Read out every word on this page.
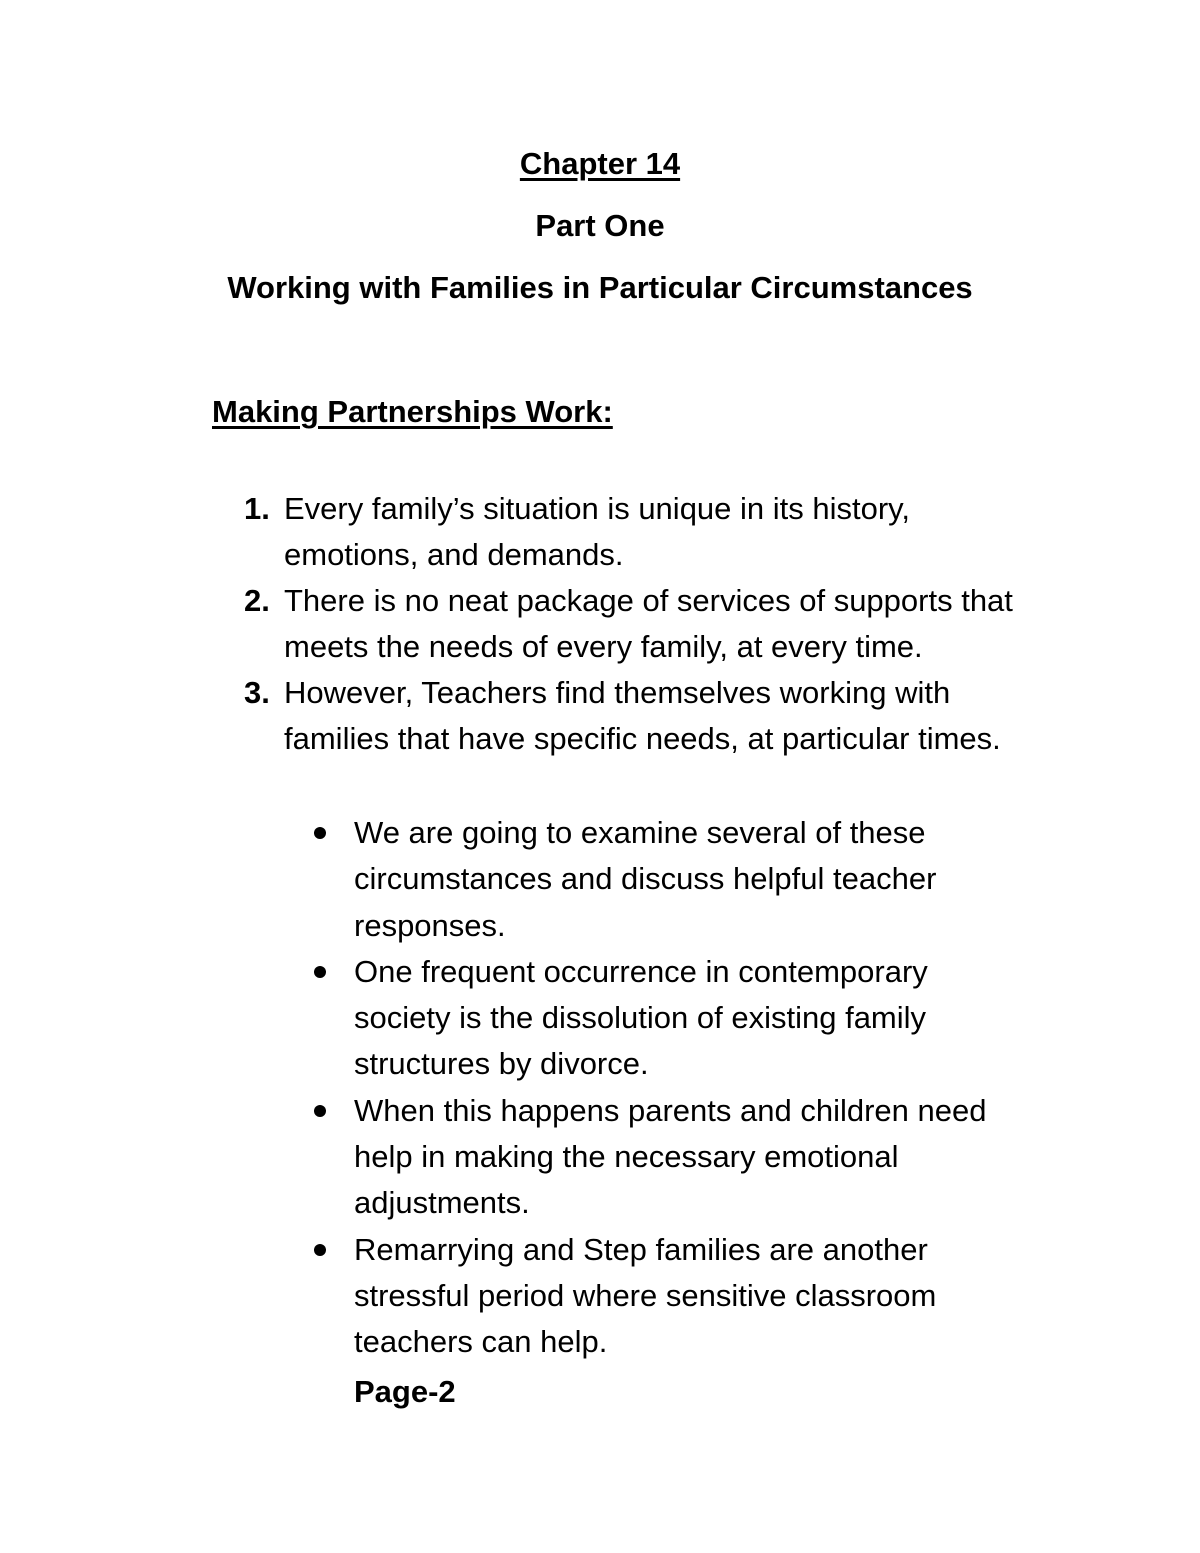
Chapter 14
Part One
Working with Families in Particular Circumstances
Making Partnerships Work:
1. Every family’s situation is unique in its history,
emotions, and demands.
2. There is no neat package of services of supports that
meets the needs of every family, at every time.
3. However, Teachers find themselves working with
families that have specific needs, at particular times.
We are going to examine several of these
circumstances and discuss helpful teacher
responses.
One frequent occurrence in contemporary
society is the dissolution of existing family
structures by divorce.
When this happens parents and children need
help in making the necessary emotional
adjustments.
Remarrying and Step families are another
stressful period where sensitive classroom
teachers can help.
Page-2
